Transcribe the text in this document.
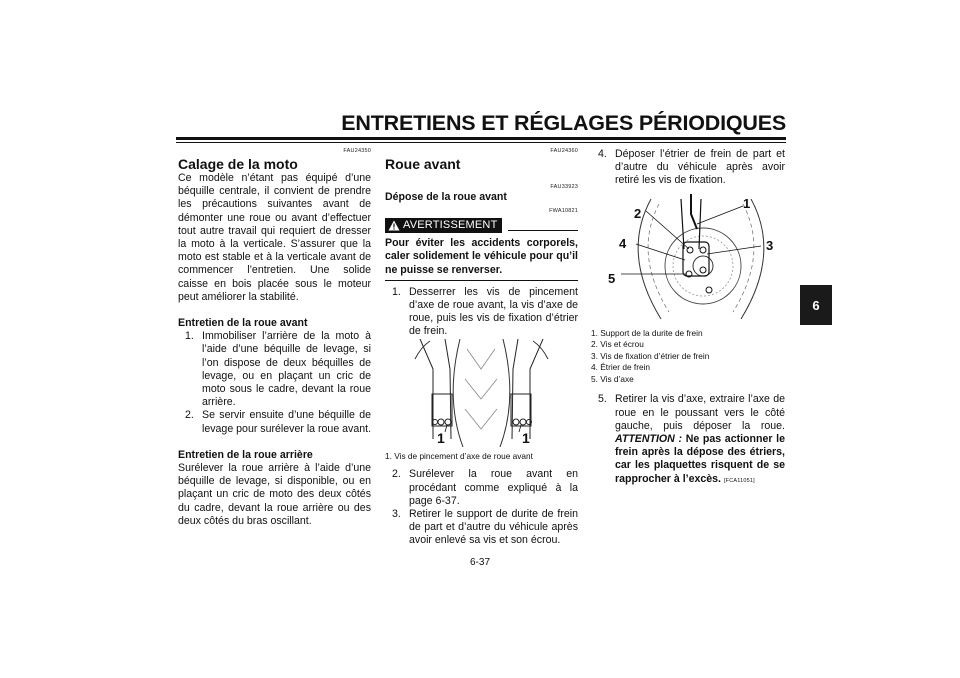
ENTRETIENS ET RÉGLAGES PÉRIODIQUES
6
FAU24350
Calage de la moto
Ce modèle n’étant pas équipé d’une béquille centrale, il convient de prendre les précautions suivantes avant de démonter une roue ou avant d’effectuer tout autre travail qui requiert de dresser la moto à la verticale. S’assurer que la moto est stable et à la verticale avant de commencer l’entretien. Une solide caisse en bois placée sous le moteur peut améliorer la stabilité.
Entretien de la roue avant
1. Immobiliser l’arrière de la moto à l’aide d’une béquille de levage, si l’on dispose de deux béquilles de levage, ou en plaçant un cric de moto sous le cadre, devant la roue arrière.
2. Se servir ensuite d’une béquille de levage pour surélever la roue avant.
Entretien de la roue arrière
Surélever la roue arrière à l’aide d’une béquille de levage, si disponible, ou en plaçant un cric de moto des deux côtés du cadre, devant la roue arrière ou des deux côtés du bras oscillant.
FAU24360
Roue avant
FAU33923
Dépose de la roue avant
FWA10821
AVERTISSEMENT
Pour éviter les accidents corporels, caler solidement le véhicule pour qu’il ne puisse se renverser.
1. Desserrer les vis de pincement d’axe de roue avant, la vis d’axe de roue, puis les vis de fixation d’étrier de frein.
1	1
1. Vis de pincement d’axe de roue avant
2. Surélever la roue avant en procédant comme expliqué à la page 6-37.
3. Retirer le support de durite de frein de part et d’autre du véhicule après avoir enlevé sa vis et son écrou.
4. Déposer l’étrier de frein de part et d’autre du véhicule après avoir retiré les vis de fixation.
1
2
3
4
5
1. Support de la durite de frein
2. Vis et écrou
3. Vis de fixation d’étrier de frein
4. Étrier de frein
5. Vis d’axe
5. Retirer la vis d’axe, extraire l’axe de roue en le poussant vers le côté gauche, puis déposer la roue. ATTENTION : Ne pas actionner le frein après la dépose des étriers, car les plaquettes risquent de se rapprocher à l’excès. [FCA11051]
6-37
